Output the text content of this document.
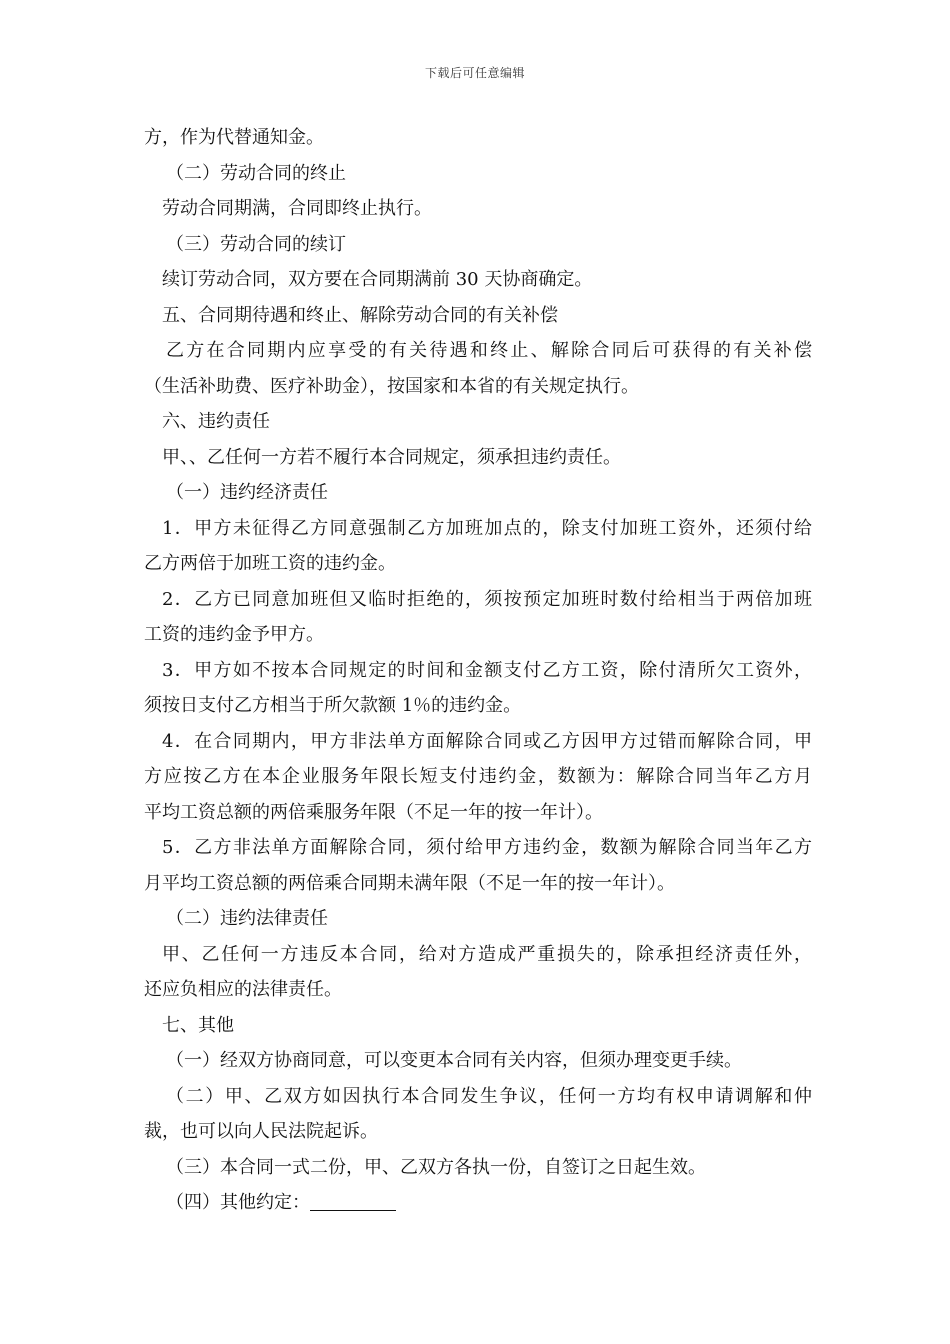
下载后可任意编辑
方，作为代替通知金。
（二）劳动合同的终止
劳动合同期满，合同即终止执行。
（三）劳动合同的续订
续订劳动合同，双方要在合同期满前 30 天协商确定。
五、合同期待遇和终止、解除劳动合同的有关补偿
乙方在合同期内应享受的有关待遇和终止、解除合同后可获得的有关补偿
（生活补助费、医疗补助金），按国家和本省的有关规定执行。
六、违约责任
甲、、乙任何一方若不履行本合同规定，须承担违约责任。
（一）违约经济责任
1．甲方未征得乙方同意强制乙方加班加点的，除支付加班工资外，还须付给
乙方两倍于加班工资的违约金。
2．乙方已同意加班但又临时拒绝的，须按预定加班时数付给相当于两倍加班
工资的违约金予甲方。
3．甲方如不按本合同规定的时间和金额支付乙方工资，除付清所欠工资外，
须按日支付乙方相当于所欠款额 1％的违约金。
4．在合同期内，甲方非法单方面解除合同或乙方因甲方过错而解除合同，甲
方应按乙方在本企业服务年限长短支付违约金，数额为：解除合同当年乙方月
平均工资总额的两倍乘服务年限（不足一年的按一年计）。
5．乙方非法单方面解除合同，须付给甲方违约金，数额为解除合同当年乙方
月平均工资总额的两倍乘合同期未满年限（不足一年的按一年计）。
（二）违约法律责任
甲、乙任何一方违反本合同，给对方造成严重损失的，除承担经济责任外，
还应负相应的法律责任。
七、其他
（一）经双方协商同意，可以变更本合同有关内容，但须办理变更手续。
（二）甲、乙双方如因执行本合同发生争议，任何一方均有权申请调解和仲
裁，也可以向人民法院起诉。
（三）本合同一式二份，甲、乙双方各执一份，自签订之日起生效。
（四）其他约定：
